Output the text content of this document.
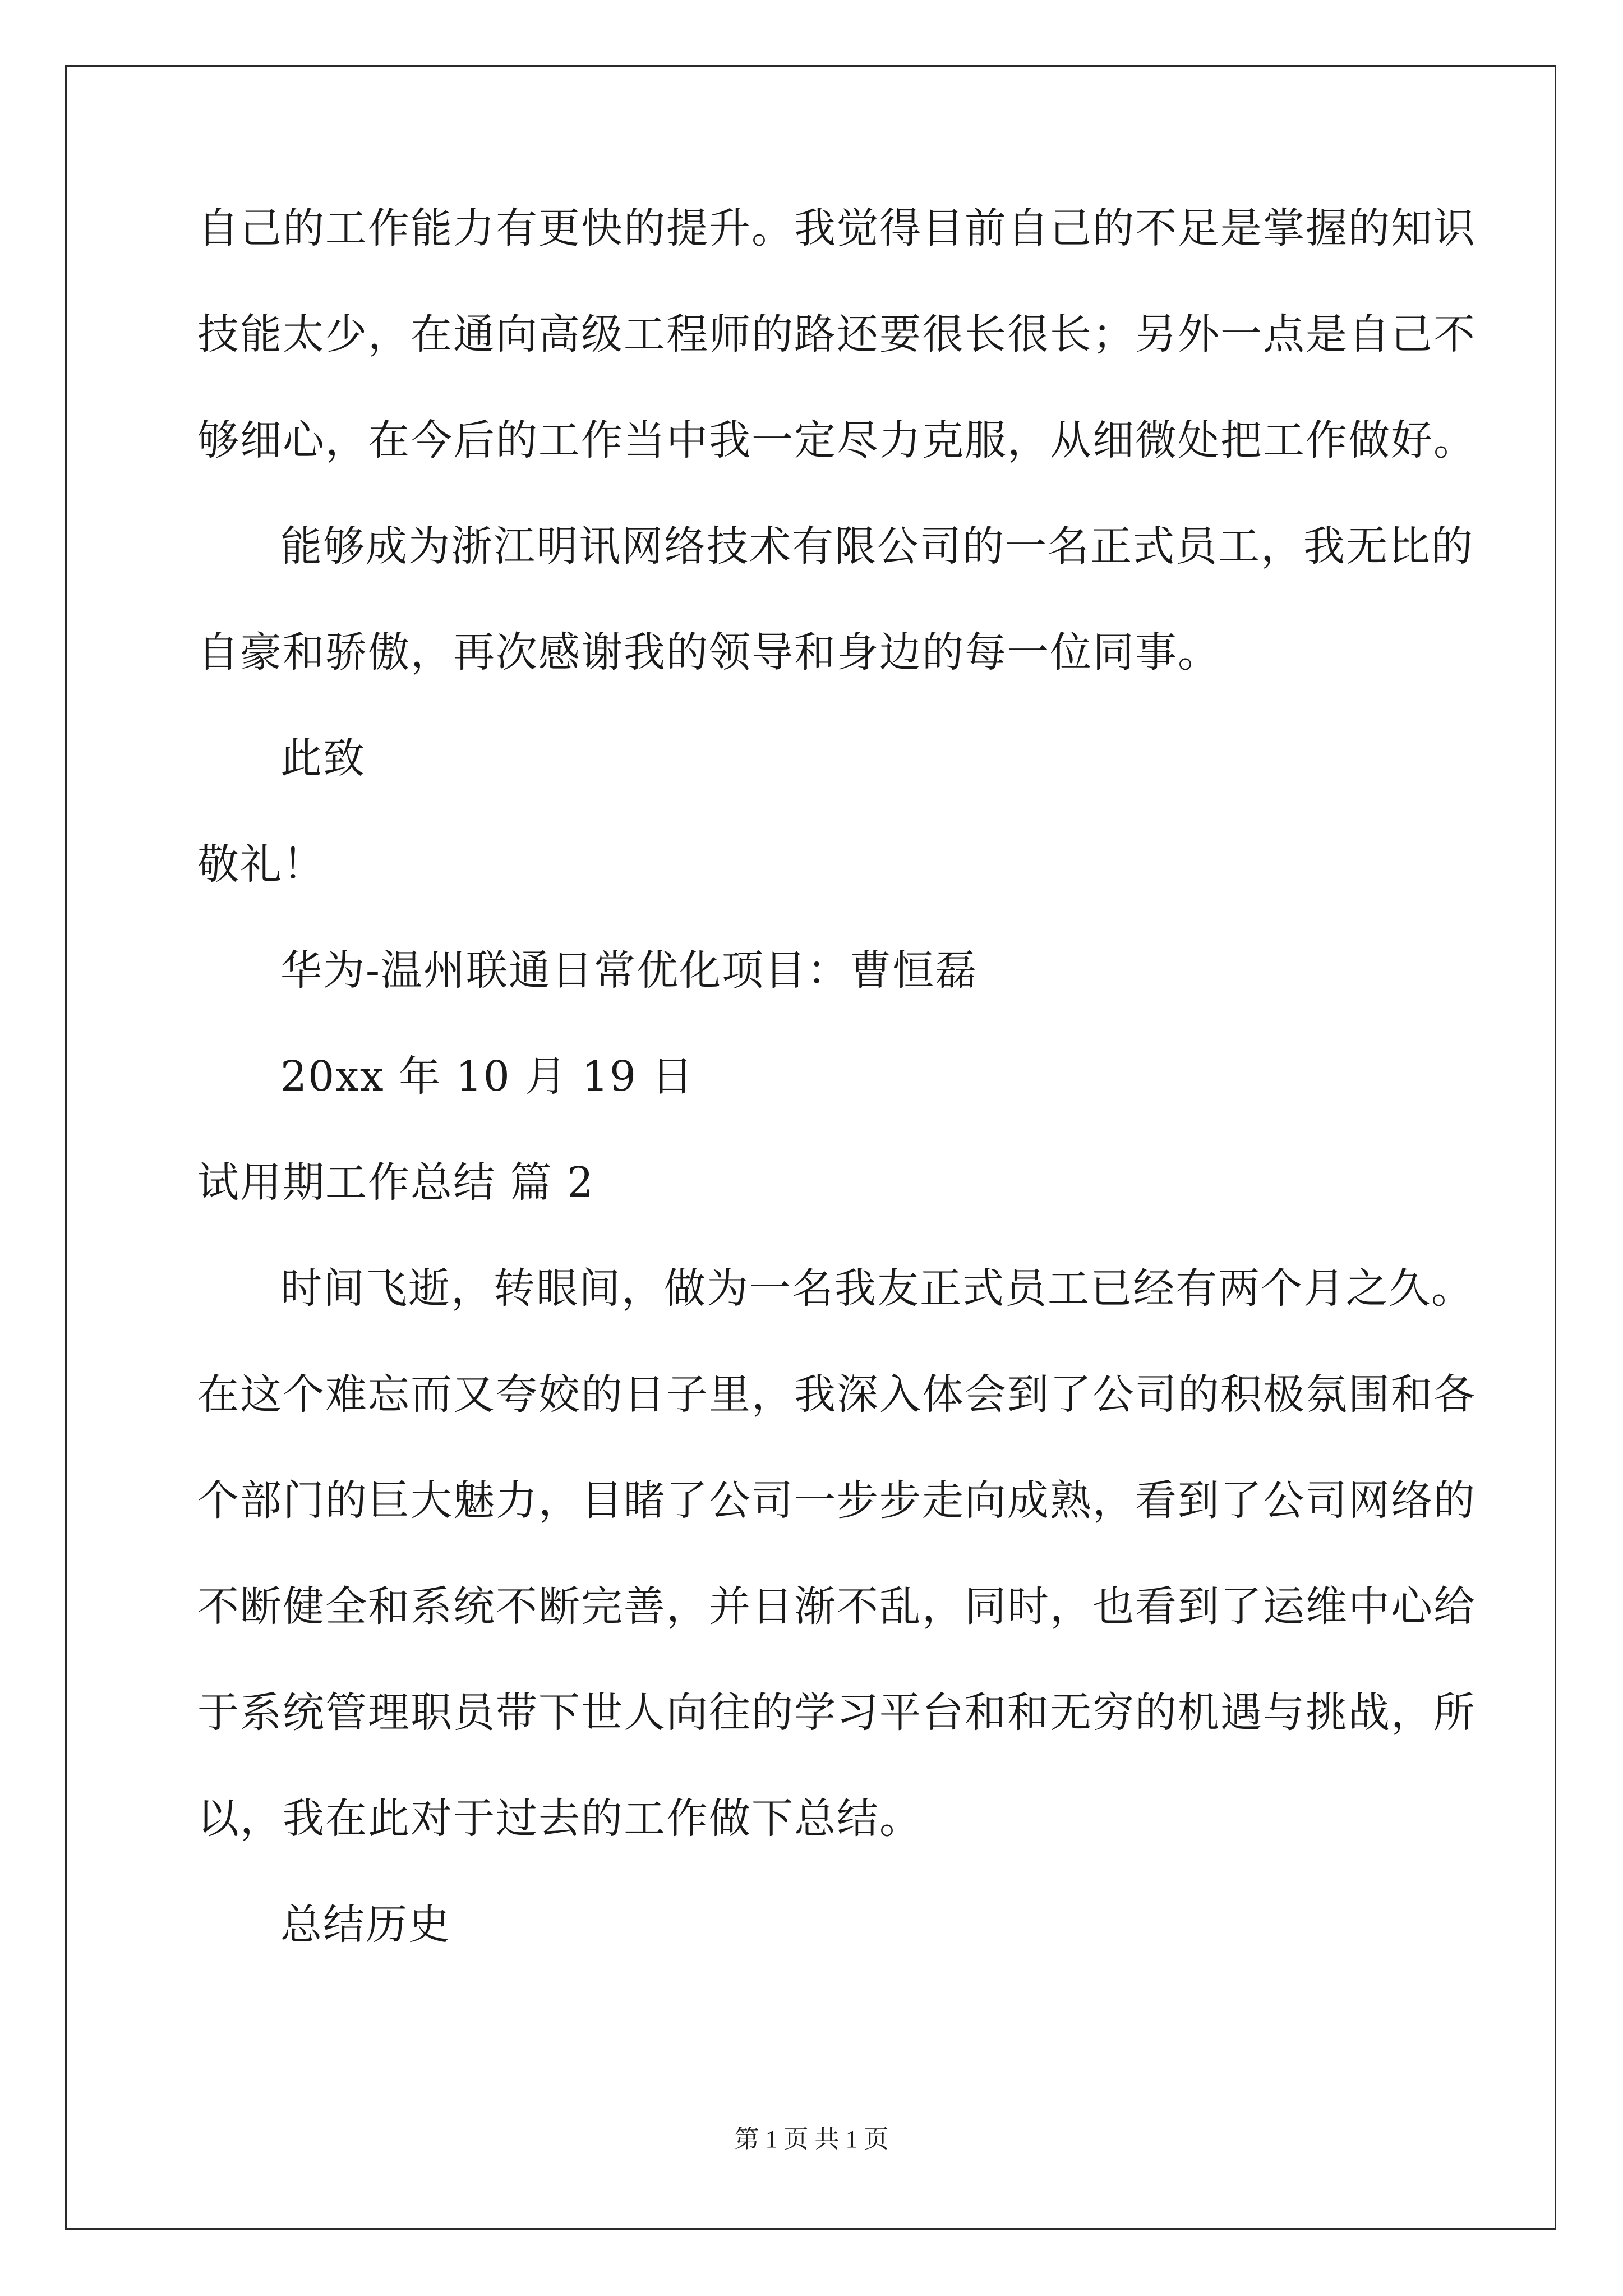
自己的工作能力有更快的提升。我觉得目前自己的不足是掌握的知识
技能太少，在通向高级工程师的路还要很长很长；另外一点是自己不
够细心，在今后的工作当中我一定尽力克服，从细微处把工作做好。
能够成为浙江明讯网络技术有限公司的一名正式员工，我无比的
自豪和骄傲，再次感谢我的领导和身边的每一位同事。
此致
敬礼！
华为-温州联通日常优化项目：曹恒磊
20xx 年 10 月 19 日
试用期工作总结 篇 2
时间飞逝，转眼间，做为一名我友正式员工已经有两个月之久。
在这个难忘而又夸姣的日子里，我深入体会到了公司的积极氛围和各
个部门的巨大魅力，目睹了公司一步步走向成熟，看到了公司网络的
不断健全和系统不断完善，并日渐不乱，同时，也看到了运维中心给
于系统管理职员带下世人向往的学习平台和和无穷的机遇与挑战，所
以，我在此对于过去的工作做下总结。
总结历史
第 1 页 共 1 页
